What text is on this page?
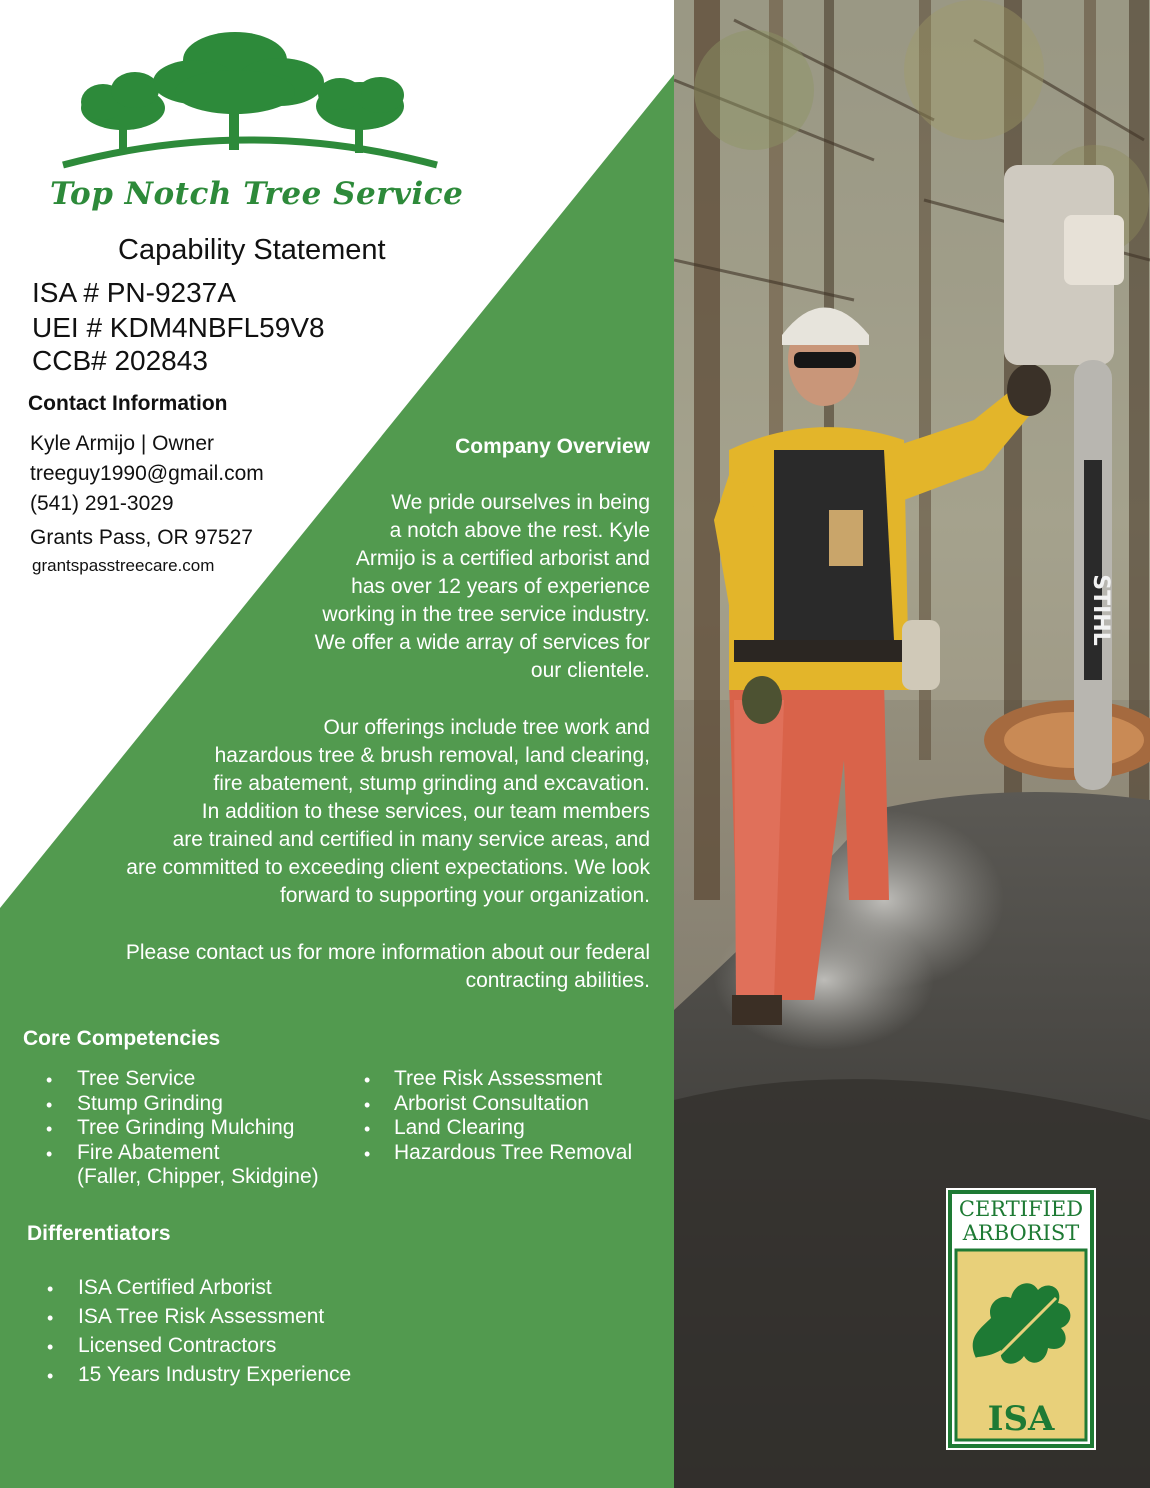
STIHL
Top Notch Tree Service
Capability Statement
ISA # PN-9237A
UEI # KDM4NBFL59V8
CCB# 202843
Contact Information
Kyle Armijo | Owner
treeguy1990@gmail.com
(541) 291-3029
Grants Pass, OR 97527
grantspasstreecare.com
Company Overview
We pride ourselves in being
a notch above the rest. Kyle
Armijo is a certified arborist and
has over 12 years of experience
working in the tree service industry.
We offer a wide array of services for
our clientele.
Our offerings include tree work and
hazardous tree & brush removal, land clearing,
fire abatement, stump grinding and excavation.
In addition to these services, our team members
are trained and certified in many service areas, and
are committed to exceeding client expectations. We look
forward to supporting your organization.
Please contact us for more information about our federal
contracting abilities.
Core Competencies
• Tree Service
• Stump Grinding
• Tree Grinding Mulching
• Fire Abatement
(Faller, Chipper, Skidgine)
• Tree Risk Assessment
• Arborist Consultation
• Land Clearing
• Hazardous Tree Removal
Differentiators
• ISA Certified Arborist
• ISA Tree Risk Assessment
• Licensed Contractors
• 15 Years Industry Experience
CERTIFIED
ARBORIST
ISA
